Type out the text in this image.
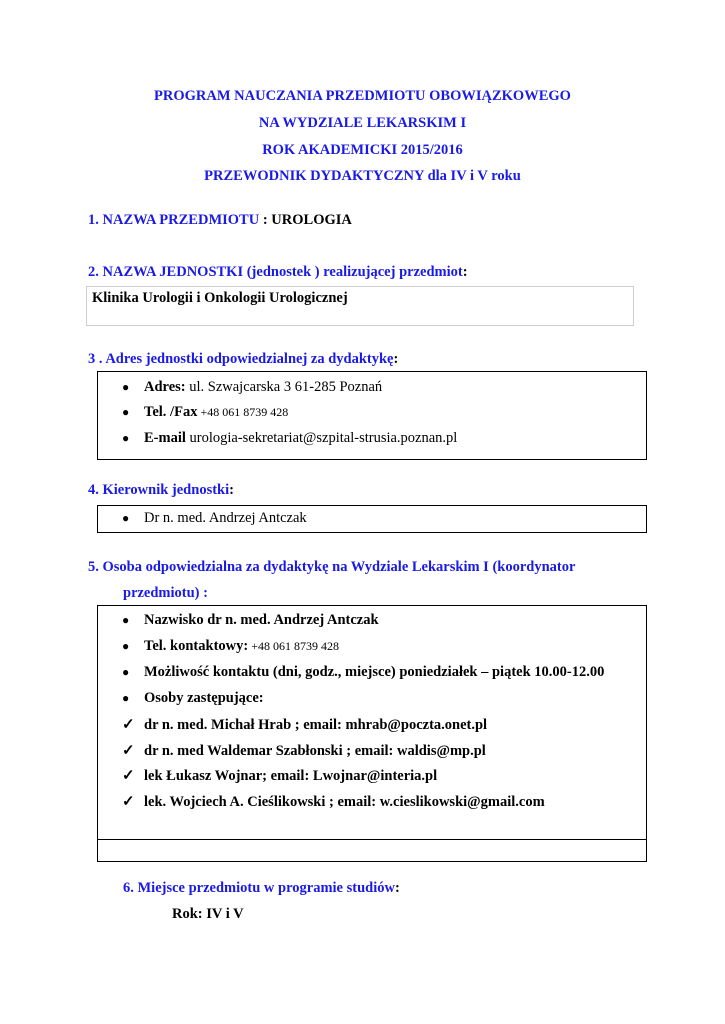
PROGRAM NAUCZANIA PRZEDMIOTU OBOWIĄZKOWEGO
NA WYDZIALE LEKARSKIM I
ROK AKADEMICKI 2015/2016
PRZEWODNIK DYDAKTYCZNY dla IV i V roku
1. NAZWA PRZEDMIOTU : UROLOGIA
2. NAZWA JEDNOSTKI (jednostek ) realizującej przedmiot:
Klinika Urologii i Onkologii Urologicznej
3 . Adres jednostki odpowiedzialnej za dydaktykę:
● Adres: ul. Szwajcarska 3 61-285 Poznań
● Tel. /Fax +48 061 8739 428
● E-mail urologia-sekretariat@szpital-strusia.poznan.pl
4. Kierownik jednostki:
● Dr n. med. Andrzej Antczak
5. Osoba odpowiedzialna za dydaktykę na Wydziale Lekarskim I (koordynator
przedmiotu) :
● Nazwisko dr n. med. Andrzej Antczak
● Tel. kontaktowy: +48 061 8739 428
● Możliwość kontaktu (dni, godz., miejsce) poniedziałek – piątek 10.00-12.00
● Osoby zastępujące:
✓ dr n. med. Michał Hrab ; email: mhrab@poczta.onet.pl
✓ dr n. med Waldemar Szabłonski ; email: waldis@mp.pl
✓ lek Łukasz Wojnar; email: Lwojnar@interia.pl
✓ lek. Wojciech A. Cieślikowski ; email: w.cieslikowski@gmail.com
6. Miejsce przedmiotu w programie studiów:
Rok: IV i V
